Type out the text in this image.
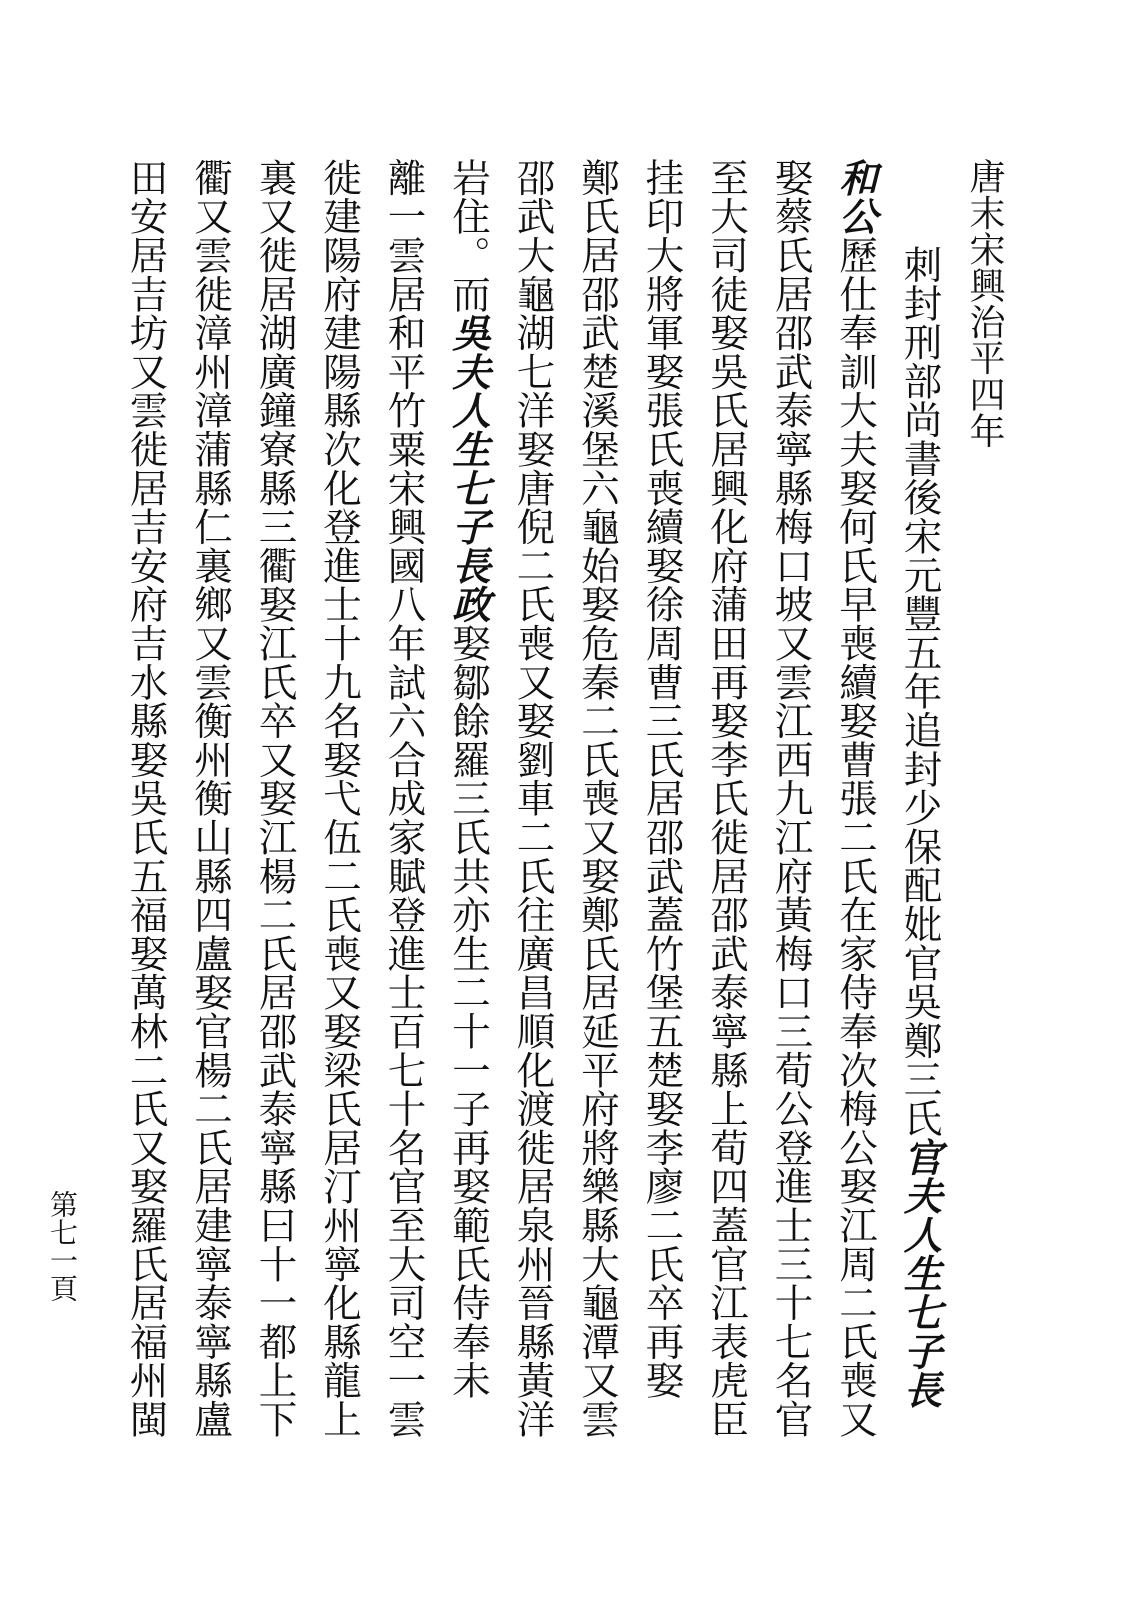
唐末宋興治平四年
刺封刑部尚書後宋元豐五年追封少保配妣官吳鄭三氏官夫人生七子長
和公歷仕奉訓大夫娶何氏早喪續娶曹張二氏在家侍奉次梅公娶江周二氏喪又
娶蔡氏居邵武泰寧縣梅口坡又雲江西九江府黃梅口三荀公登進士三十七名官
至大司徒娶吳氏居興化府蒲田再娶李氏徙居邵武泰寧縣上荀四蓋官江表虎臣
挂印大將軍娶張氏喪續娶徐周曹三氏居邵武蓋竹堡五楚娶李廖二氏卒再娶
鄭氏居邵武楚溪堡六龜始娶危秦二氏喪又娶鄭氏居延平府將樂縣大龜潭又雲
邵武大龜湖七洋娶唐倪二氏喪又娶劉車二氏往廣昌順化渡徙居泉州晉縣黃洋
岩住。而吳夫人生七子長政娶鄒餘羅三氏共亦生二十一子再娶範氏侍奉未
離一雲居和平竹粟宋興國八年試六合成家賦登進士百七十名官至大司空一雲
徙建陽府建陽縣次化登進士十九名娶弋伍二氏喪又娶梁氏居汀州寧化縣龍上
裏又徙居湖廣鐘寮縣三衢娶江氏卒又娶江楊二氏居邵武泰寧縣曰十一都上下
衢又雲徙漳州漳蒲縣仁裏鄉又雲衡州衡山縣四盧娶官楊二氏居建寧泰寧縣盧
田安居吉坊又雲徙居吉安府吉水縣娶吳氏五福娶萬林二氏又娶羅氏居福州閩
第七一頁
